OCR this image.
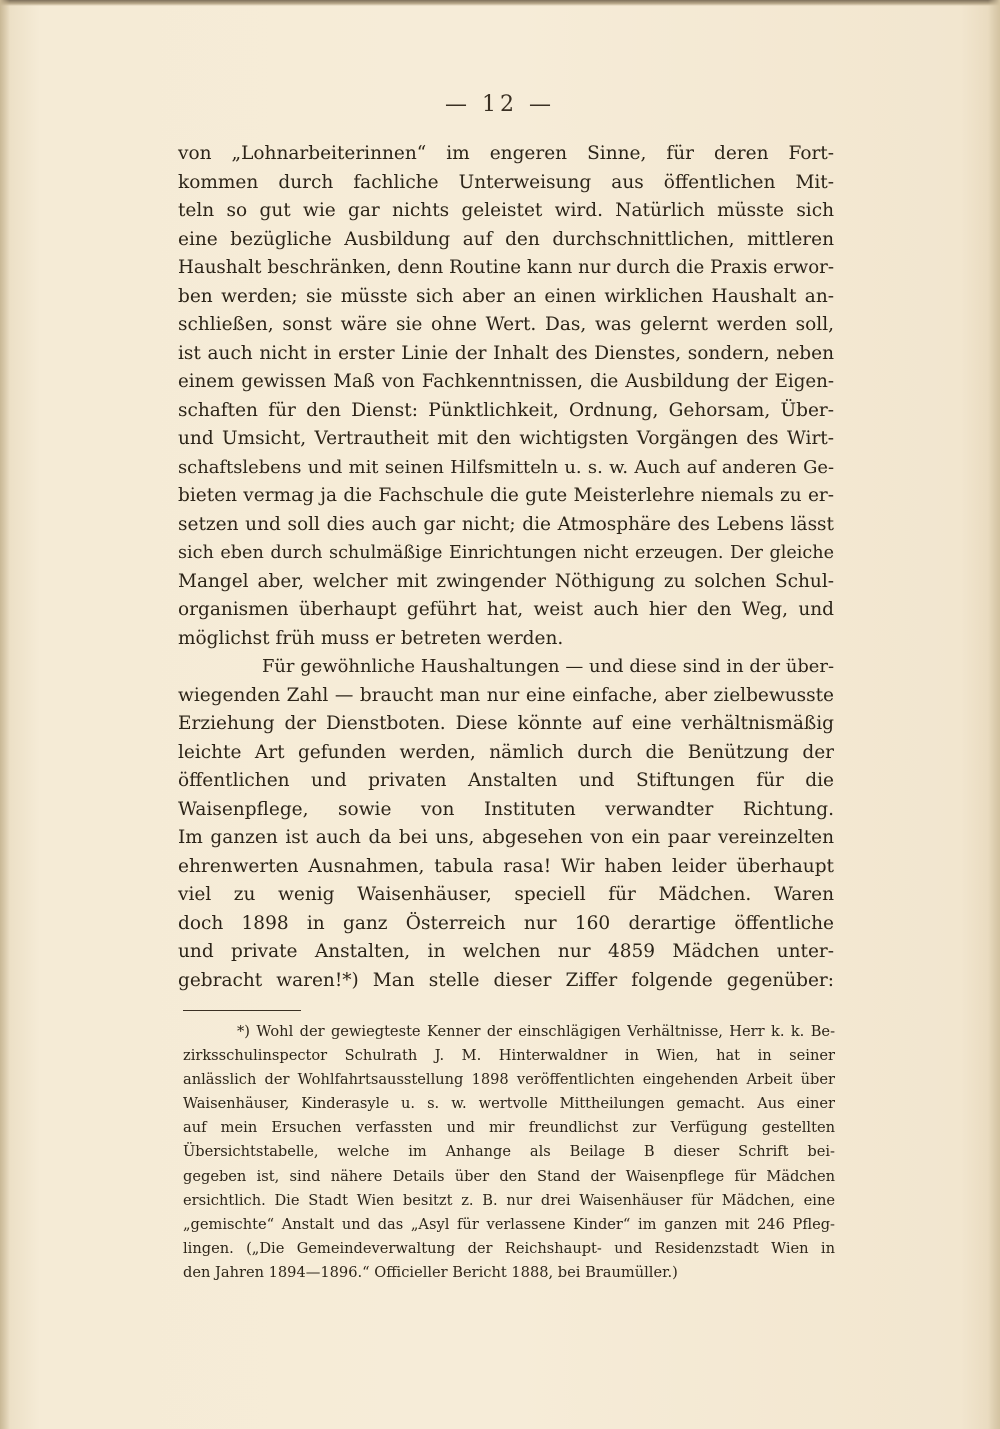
— 12 —
von „Lohnarbeiterinnen“ im engeren Sinne, für deren Fort-
kommen durch fachliche Unterweisung aus öffentlichen Mit-
teln so gut wie gar nichts geleistet wird. Natürlich müsste sich
eine bezügliche Ausbildung auf den durchschnittlichen, mittleren
Haushalt beschränken, denn Routine kann nur durch die Praxis erwor-
ben werden; sie müsste sich aber an einen wirklichen Haushalt an-
schließen, sonst wäre sie ohne Wert. Das, was gelernt werden soll,
ist auch nicht in erster Linie der Inhalt des Dienstes, sondern, neben
einem gewissen Maß von Fachkenntnissen, die Ausbildung der Eigen-
schaften für den Dienst: Pünktlichkeit, Ordnung, Gehorsam, Über-
und Umsicht, Vertrautheit mit den wichtigsten Vorgängen des Wirt-
schaftslebens und mit seinen Hilfsmitteln u. s. w. Auch auf anderen Ge-
bieten vermag ja die Fachschule die gute Meisterlehre niemals zu er-
setzen und soll dies auch gar nicht; die Atmosphäre des Lebens lässt
sich eben durch schulmäßige Einrichtungen nicht erzeugen. Der gleiche
Mangel aber, welcher mit zwingender Nöthigung zu solchen Schul-
organismen überhaupt geführt hat, weist auch hier den Weg, und
möglichst früh muss er betreten werden.
Für gewöhnliche Haushaltungen — und diese sind in der über-
wiegenden Zahl — braucht man nur eine einfache, aber zielbewusste
Erziehung der Dienstboten. Diese könnte auf eine verhältnismäßig
leichte Art gefunden werden, nämlich durch die Benützung der
öffentlichen und privaten Anstalten und Stiftungen für die
Waisenpflege, sowie von Instituten verwandter Richtung.
Im ganzen ist auch da bei uns, abgesehen von ein paar vereinzelten
ehrenwerten Ausnahmen, tabula rasa! Wir haben leider überhaupt
viel zu wenig Waisenhäuser, speciell für Mädchen. Waren
doch 1898 in ganz Österreich nur 160 derartige öffentliche
und private Anstalten, in welchen nur 4859 Mädchen unter-
gebracht waren!*) Man stelle dieser Ziffer folgende gegenüber:
*) Wohl der gewiegteste Kenner der einschlägigen Verhältnisse, Herr k. k. Be-
zirksschulinspector Schulrath J. M. Hinterwaldner in Wien, hat in seiner
anlässlich der Wohlfahrtsausstellung 1898 veröffentlichten eingehenden Arbeit über
Waisenhäuser, Kinderasyle u. s. w. wertvolle Mittheilungen gemacht. Aus einer
auf mein Ersuchen verfassten und mir freundlichst zur Verfügung gestellten
Übersichtstabelle, welche im Anhange als Beilage B dieser Schrift bei-
gegeben ist, sind nähere Details über den Stand der Waisenpflege für Mädchen
ersichtlich. Die Stadt Wien besitzt z. B. nur drei Waisenhäuser für Mädchen, eine
„gemischte“ Anstalt und das „Asyl für verlassene Kinder“ im ganzen mit 246 Pfleg-
lingen. („Die Gemeindeverwaltung der Reichshaupt- und Residenzstadt Wien in
den Jahren 1894—1896.“ Officieller Bericht 1888, bei Braumüller.)
